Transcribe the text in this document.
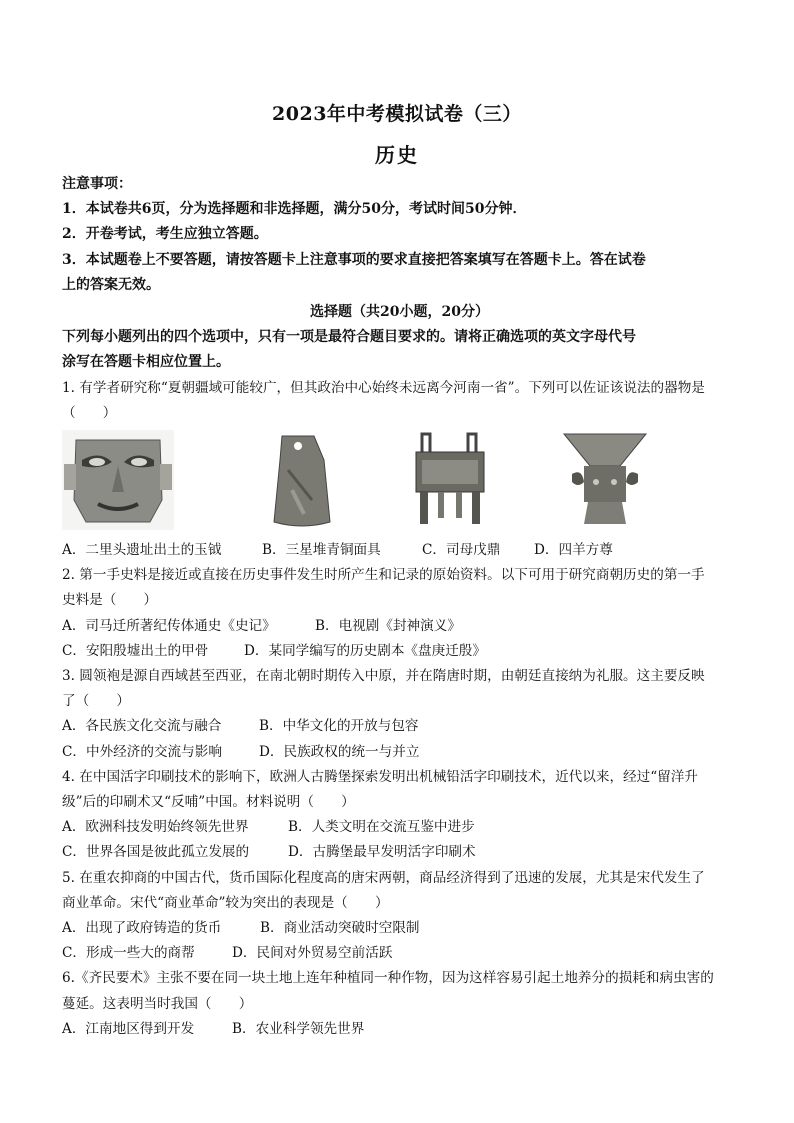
2023年中考模拟试卷（三）
历史
注意事项：
1．本试卷共6页，分为选择题和非选择题，满分50分，考试时间50分钟．
2．开卷考试，考生应独立答题。
3．本试题卷上不要答题，请按答题卡上注意事项的要求直接把答案填写在答题卡上。答在试卷
上的答案无效。
选择题（共20小题，20分）
下列每小题列出的四个选项中，只有一项是最符合题目要求的。请将正确选项的英文字母代号
涂写在答题卡相应位置上。
1. 有学者研究称“夏朝疆域可能较广，但其政治中心始终未远离今河南一省”。下列可以佐证该说法的器物是
（　　）
A．二里头遗址出土的玉钺	B．三星堆青铜面具	C．司母戊鼎	D．四羊方尊
2. 第一手史料是接近或直接在历史事件发生时所产生和记录的原始资料。以下可用于研究商朝历史的第一手
史料是（　　）
A．司马迁所著纪传体通史《史记》	B．电视剧《封神演义》
C．安阳殷墟出土的甲骨	D．某同学编写的历史剧本《盘庚迁殷》
3. 圆领袍是源自西域甚至西亚，在南北朝时期传入中原，并在隋唐时期，由朝廷直接纳为礼服。这主要反映
了（　　）
A．各民族文化交流与融合	B．中华文化的开放与包容
C．中外经济的交流与影响	D．民族政权的统一与并立
4. 在中国活字印刷技术的影响下，欧洲人古腾堡探索发明出机械铅活字印刷技术，近代以来，经过“留洋升
级”后的印刷术又“反哺”中国。材料说明（　　）
A．欧洲科技发明始终领先世界	B．人类文明在交流互鉴中进步
C．世界各国是彼此孤立发展的	D．古腾堡最早发明活字印刷术
5. 在重农抑商的中国古代，货币国际化程度高的唐宋两朝，商品经济得到了迅速的发展，尤其是宋代发生了
商业革命。宋代“商业革命”较为突出的表现是（　　）
A．出现了政府铸造的货币	B．商业活动突破时空限制
C．形成一些大的商帮	D．民间对外贸易空前活跃
6.《齐民要术》主张不要在同一块土地上连年种植同一种作物，因为这样容易引起土地养分的损耗和病虫害的
蔓延。这表明当时我国（　　）
A．江南地区得到开发	B．农业科学领先世界
